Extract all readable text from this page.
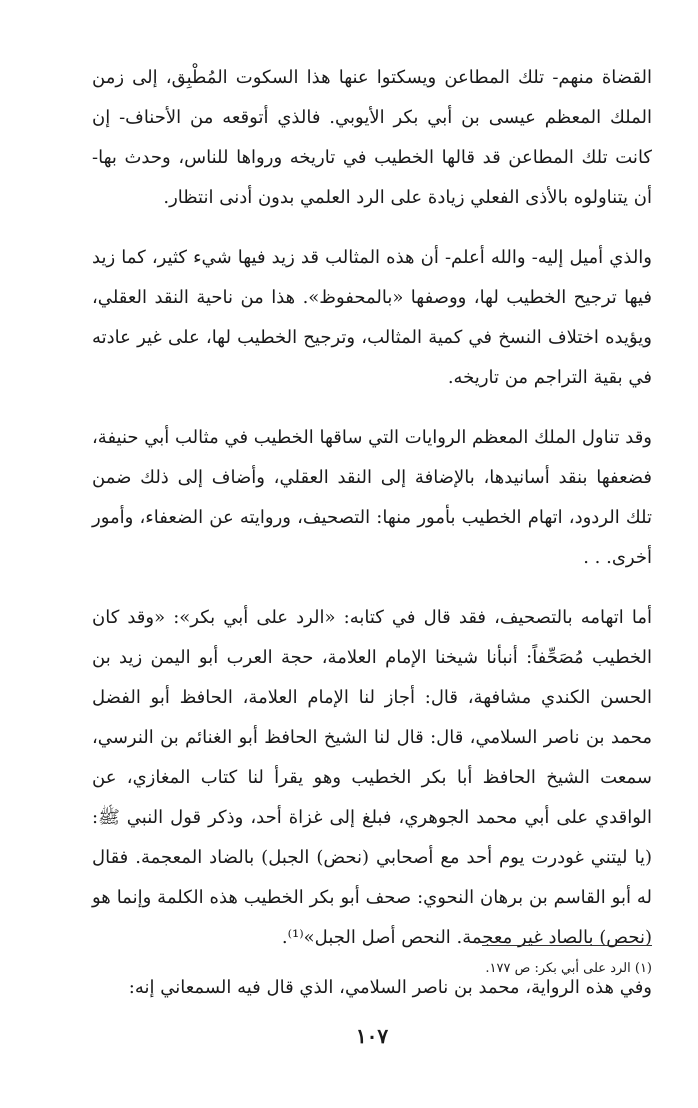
القضاة منهم- تلك المطاعن ويسكتوا عنها هذا السكوت المُطْبِق، إلى زمن الملك المعظم عيسى بن أبي بكر الأيوبي. فالذي أتوقعه من الأحناف- إن كانت تلك المطاعن قد قالها الخطيب في تاريخه ورواها للناس، وحدث بها- أن يتناولوه بالأذى الفعلي زيادة على الرد العلمي بدون أدنى انتظار.

والذي أميل إليه- والله أعلم- أن هذه المثالب قد زيد فيها شيء كثير، كما زيد فيها ترجيح الخطيب لها، ووصفها «بالمحفوظ». هذا من ناحية النقد العقلي، ويؤيده اختلاف النسخ في كمية المثالب، وترجيح الخطيب لها، على غير عادته في بقية التراجم من تاريخه.

وقد تناول الملك المعظم الروايات التي ساقها الخطيب في مثالب أبي حنيفة، فضعفها بنقد أسانيدها، بالإضافة إلى النقد العقلي، وأضاف إلى ذلك ضمن تلك الردود، اتهام الخطيب بأمور منها: التصحيف، وروايته عن الضعفاء، وأمور أخرى. . .

أما اتهامه بالتصحيف، فقد قال في كتابه: «الرد على أبي بكر»: «وقد كان الخطيب مُصَحِّفاً: أنبأنا شيخنا الإمام العلامة، حجة العرب أبو اليمن زيد بن الحسن الكندي مشافهة، قال: أجاز لنا الإمام العلامة، الحافظ أبو الفضل محمد بن ناصر السلامي، قال: قال لنا الشيخ الحافظ أبو الغنائم بن النرسي، سمعت الشيخ الحافظ أبا بكر الخطيب وهو يقرأ لنا كتاب المغازي، عن الواقدي على أبي محمد الجوهري، فبلغ إلى غزاة أحد، وذكر قول النبي ﷺ: (يا ليتني غودرت يوم أحد مع أصحابي (نحض) الجبل) بالضاد المعجمة. فقال له أبو القاسم بن برهان النحوي: صحف أبو بكر الخطيب هذه الكلمة وإنما هو (نحص) بالصاد غير معجمة. النحص أصل الجبل»⁽¹⁾.

وفي هذه الرواية، محمد بن ناصر السلامي، الذي قال فيه السمعاني إنه:

(١) الرد على أبي بكر: ص ١٧٧.

١٠٧
